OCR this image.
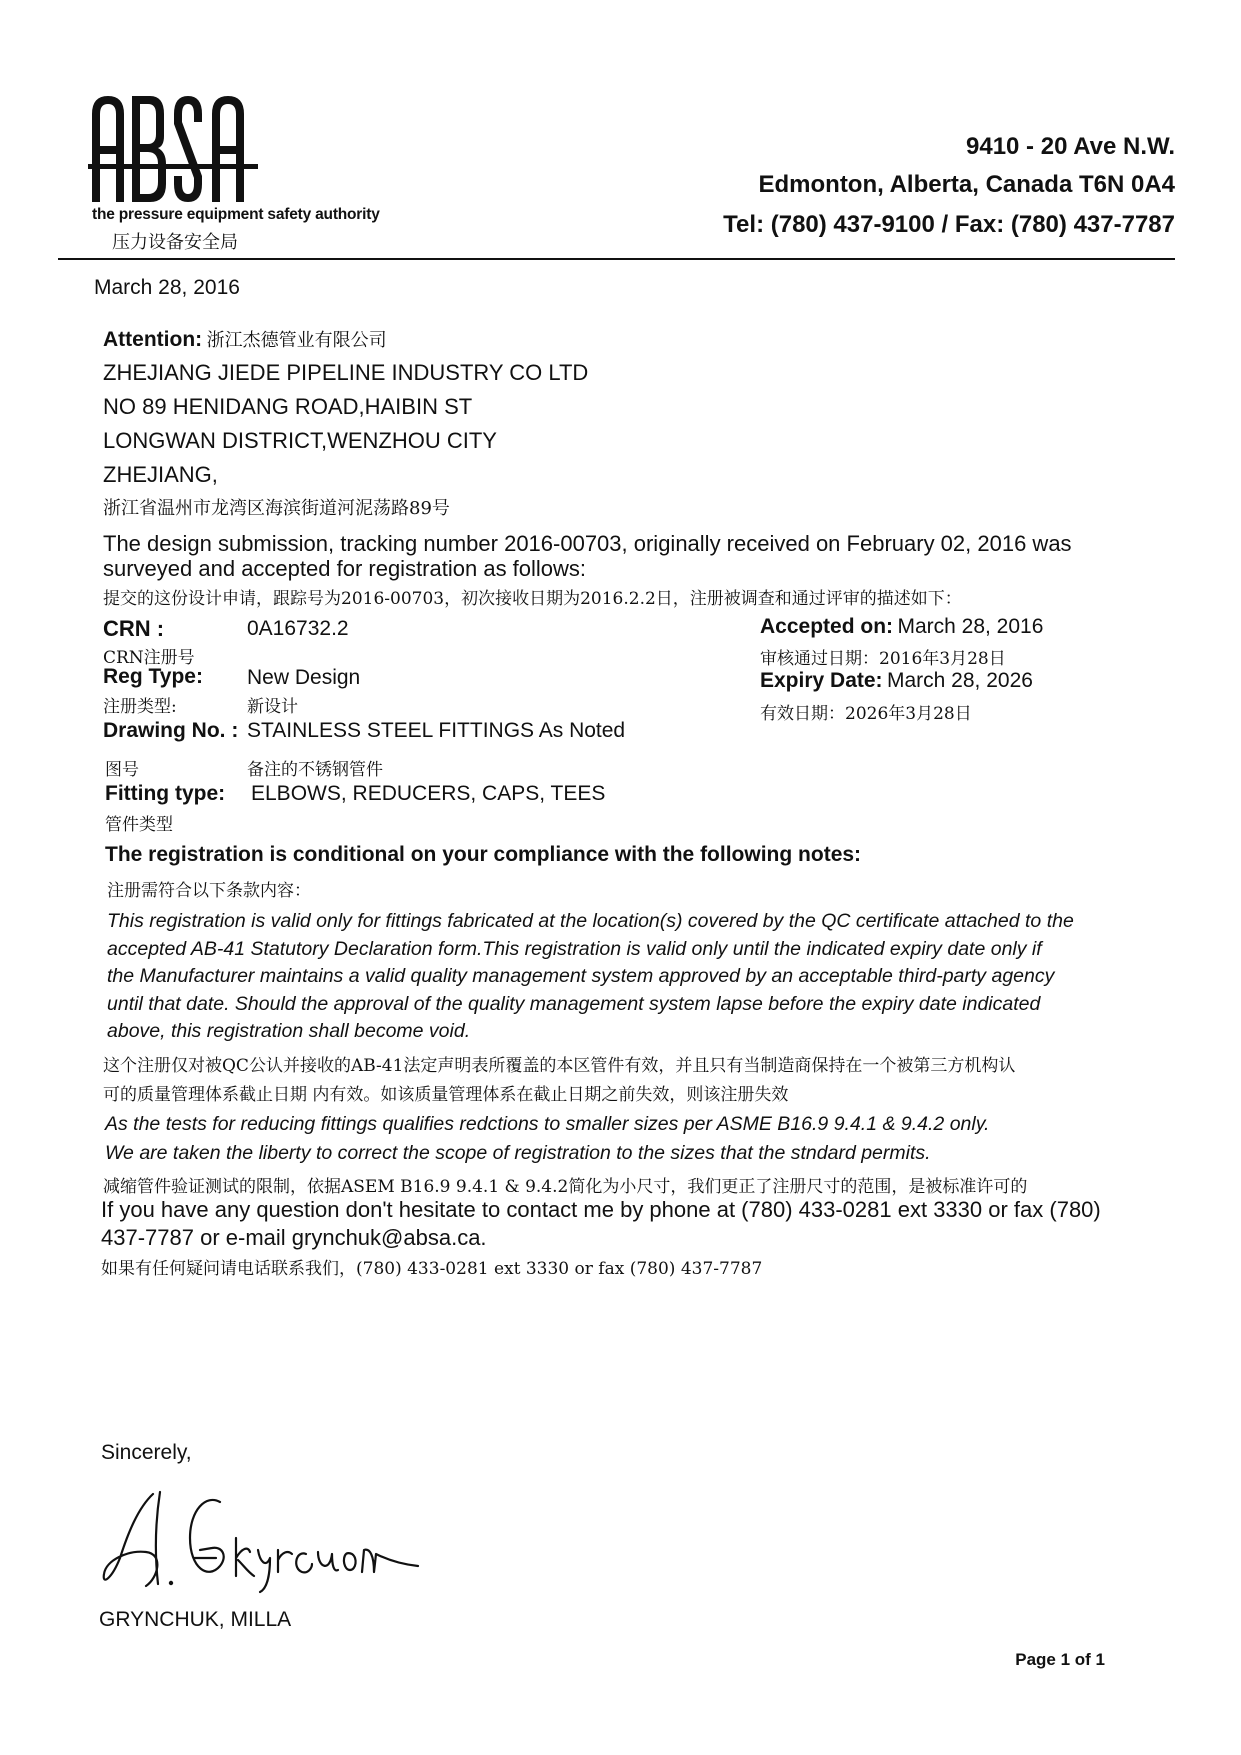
the pressure equipment safety authority
压力设备安全局
9410 - 20 Ave N.W.
Edmonton, Alberta, Canada T6N 0A4
Tel: (780) 437-9100 / Fax: (780) 437-7787
March 28, 2016
Attention: 浙江杰德管业有限公司
ZHEJIANG JIEDE PIPELINE INDUSTRY CO LTD
NO 89 HENIDANG ROAD,HAIBIN ST
LONGWAN DISTRICT,WENZHOU CITY
ZHEJIANG,
浙江省温州市龙湾区海滨街道河泥荡路89号
The design submission, tracking number 2016-00703, originally received on February 02, 2016 was
surveyed and accepted for registration as follows:
提交的这份设计申请，跟踪号为2016-00703，初次接收日期为2016.2.2日，注册被调查和通过评审的描述如下：
CRN :	0A16732.2
CRN注册号
Reg Type: New Design
注册类型:	新设计
Drawing No. : STAINLESS STEEL FITTINGS As Noted
图号	备注的不锈钢管件
Fitting type: ELBOWS, REDUCERS, CAPS, TEES
管件类型
Accepted on: March 28, 2016
审核通过日期：2016年3月28日
Expiry Date: March 28, 2026
有效日期：2026年3月28日
The registration is conditional on your compliance with the following notes:
注册需符合以下条款内容：
This registration is valid only for fittings fabricated at the location(s) covered by the QC certificate attached to the
accepted AB-41 Statutory Declaration form.This registration is valid only until the indicated expiry date only if
the Manufacturer maintains a valid quality management system approved by an acceptable third-party agency
until that date. Should the approval of the quality management system lapse before the expiry date indicated
above, this registration shall become void.
这个注册仅对被QC公认并接收的AB-41法定声明表所覆盖的本区管件有效，并且只有当制造商保持在一个被第三方机构认
可的质量管理体系截止日期 内有效。如该质量管理体系在截止日期之前失效，则该注册失效
As the tests for reducing fittings qualifies redctions to smaller sizes per ASME B16.9 9.4.1 & 9.4.2 only.
We are taken the liberty to correct the scope of registration to the sizes that the stndard permits.
减缩管件验证测试的限制，依据ASEM B16.9 9.4.1 & 9.4.2简化为小尺寸，我们更正了注册尺寸的范围，是被标准许可的
If you have any question don't hesitate to contact me by phone at (780) 433-0281 ext 3330 or fax (780)
437-7787 or e-mail grynchuk@absa.ca.
如果有任何疑问请电话联系我们，(780) 433-0281 ext 3330 or fax (780) 437-7787
Sincerely,
GRYNCHUK, MILLA
Page 1 of 1
